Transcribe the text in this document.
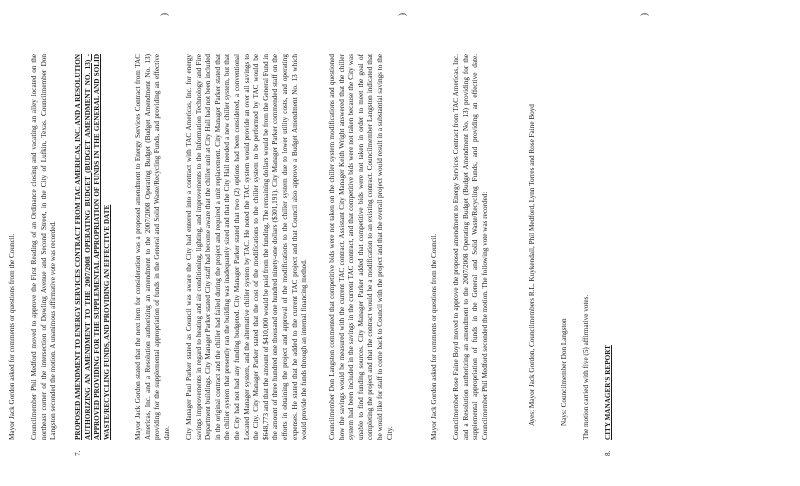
Mayor Jack Gordon asked for comments or questions from the Council. Councilmember Phil Medford moved to approve the First Reading of an Ordinance closing and vacating an alley located on the northeast corner of the intersection of Dowling Avenue and Second Street, in the City of Lufkin, Texas. Councilmember Don Langston seconded the motion. A unanimous affirmative vote was recorded.

7.

PROPOSED AMENDMENT TO ENERGY SERVICES CONTRACT FROM TAC AMERICAS, INC. AND A RESOLUTION AUTHORIZING AN AMENDMENT TO THE 2007/2008 OPERATING BUDGET (BUDGET AMENDMENT NO. 13) - APPROVED PROVIDING FOR THE SUPPLEMENTAL APPROPRIATION OF FUNDS IN THE GENERAL AND SOLID WASTE/RECYCLING FUNDS, AND PROVIDING AN EFFECTIVE DATE	Mayor Jack Gordon stated that the next item for consideration was a proposed amendment to Energy Services Contract from TAC Americas, Inc. and a Resolution authorizing an amendment to the 2007/2008 Operating Budget (Budget Amendment No. 13) providing for the supplemental appropriation of funds in the General and Solid Waste/Recycling Funds, and providing an effective date. City Manager Paul Parker stated as Council was aware the City had entered into a contract with TAC Americas, Inc. for energy savings improvements in regard to heating and air conditioning, lighting, and improvements to the Information Technology and Fire Department buildings. City Manager Parker stated City staff had become aware that the chiller unit at City Hall had not been included in the original contract and the chiller had failed during the project and required a unit replacement. City Manager Parker stated that the chiller system that presently ran the building was inadequately sized and that the City Hall needed a new chiller system, but that the City had not had any funding budgeted. City Manager Parker stated that two (2) options had been considered, a conventional Located Manager system, and the alternative chiller system by TAC. He noted the TAC system would provide an over all savings to the City. City Manager Parker stated that the cost of the modifications to the chiller system to be performed by TAC would be $648,773 and that the amount of $410,000 would be paid from the funding. The remaining dollars would be from the General Fund in the amount of three hundred one thousand one hundred ninety-one dollars ($301,191). City Manager Parker commended staff on the efforts in obtaining the project and approval of the modifications to the chiller system due to lower utility costs, and operating expenses. He stated that he added to the current TAC project and that Council also approve a Budget Amendment No. 13 which would provide the funds through an internal financing method.	Councilmember Don Langston commented that competitive bids were not taken on the chiller system modifications and questioned how the savings would be measured with the current TAC contract. Assistant City Manager Keith Wright answered that the chiller system had been included in the savings in the current TAC contract, and that competitive bids were not taken because the City was unable to find funding sources. City Manager Parker added that competitive bids were not taken in order to meet the goal of completing the project and that the contract would be a modification to an existing contract. Councilmember Langston indicated that he would like for staff to come back to Council with the project and that the overall project would result in a substantial savings to the City.	Mayor Jack Gordon asked for comments or questions from the Council. Councilmember Rose Faine Boyd moved to approve the proposed amendment to Energy Services Contract from TAC Americas, Inc. and a Resolution authorizing an amendment to the 2007/2008 Operating Budget (Budget Amendment No. 13) providing for the supplemental appropriation of funds in the General and Solid Waste/Recycling Funds, and providing an effective date. Councilmember Phil Medford seconded the motion. The following vote was recorded:	Ayes: Mayor Jack Gordon, Councilmembers R.L. Kuykendall, Phil Medford, Lynn Torres and Rose Faine Boyd	Nays: Councilmember Don Langston The motion carried with five (5) affirmative votes.

8.

CITY MANAGER'S REPORT

)	)	)
